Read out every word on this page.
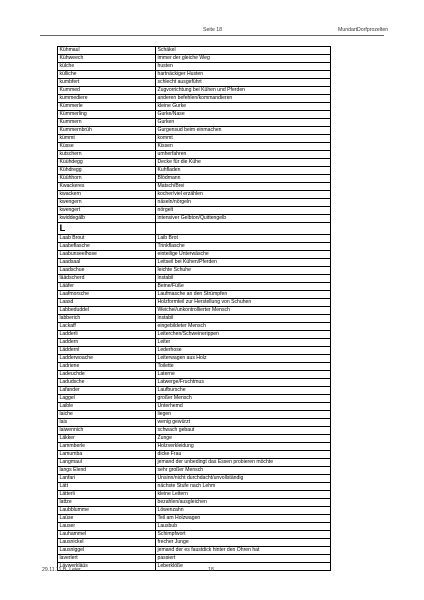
Seite 18	MundartDorfprozelten
Kühmaul	Schäkel
Kühweech	immer der gleiche Weg
külche	husten
külliche	hartnäckiger Husten
kumbfert	schlecht ausgeführt
Kummed	Zugvorrichtung bei Kühen und Pferden
kummediere	anderen befehlen/kommandieren
Kümmerle	kleine Gurke
Kümmerling	Gurke/Nase
Kummern	Gurken
Kummernbrüh	Gurgensud beim einmachen
kümmt	kommt
Küsse	Kissen
kutschern	umherfahren
Küühdegg	Decke für die Kühe
Kühdregg	Kuhfladen
Küühhorn	Blödmann
Kwackeres	Matsch/Brei
kwackern	kocher/viel erzählen
kwengern	näseln/nörgeln
kwengert	nörgelt
kwiddegälb	intensiver Gelbton/Quittengelb
L	
Laab Brout	Laib Brot
Laabeflasche	Trinkflasche
Laabunseelhose	einteilige Unterwäsche
Laadsaal	Leitseil bei Kühen/Pferden
Laadschue	leichte Schuhe
läädscherd	instabil
Lääfer	Beine/Füße
Laafmorsche	Laufmasche an den Strümpfen
Laasd	Holzformteil zur Herstellung von Schuhen
Labbeduddel	Weichei/unkontrollierter Mensch
labberich	instabil
Lackaff	eingebildeter Mensch
Ladderli	Leiterchen/Schweinerippen
Laddern	Leiter
Läddernl	Lederhose
Ladderwoache	Leiterwagen aus Holz
Ladriene	Toilette
Ladeuchde	Laterne
Ladudsche	Latwerge/Fruchtmus
Lafander	Laufbursche
Laggel	großer Mensch
Laible	Unterhemd
laiche	liegen
lais	wenig gewürzt
laiwennich	schwach gebaut
Läkker	Zunge
Lammberle	Holzverkleidung
Lamumba	dicke Frau
Langmaul	jemand der unbedingt das Essen probieren möchte
langs Elend	sehr großer Mensch
Lanfari	Unsinn/nicht durchdacht/unvollständig
Lätt	nächste Stufe nach Lehm
Lätterli	kleine Leitern
lattze	bezahlen/ausgleichen
Laubblumme	Löwenzahn
Laüse	Teil am Holzwagen
Lauser	Lausbub
Lauhammel	Schimpfwort
Lausnickel	frecher Junge
Lausniggel	jemand der es faustdick hinter den Ohren hat
laverlert	passiert
Lävwerkläüs	Leberklöße
29.11.11 B. Leier	18
